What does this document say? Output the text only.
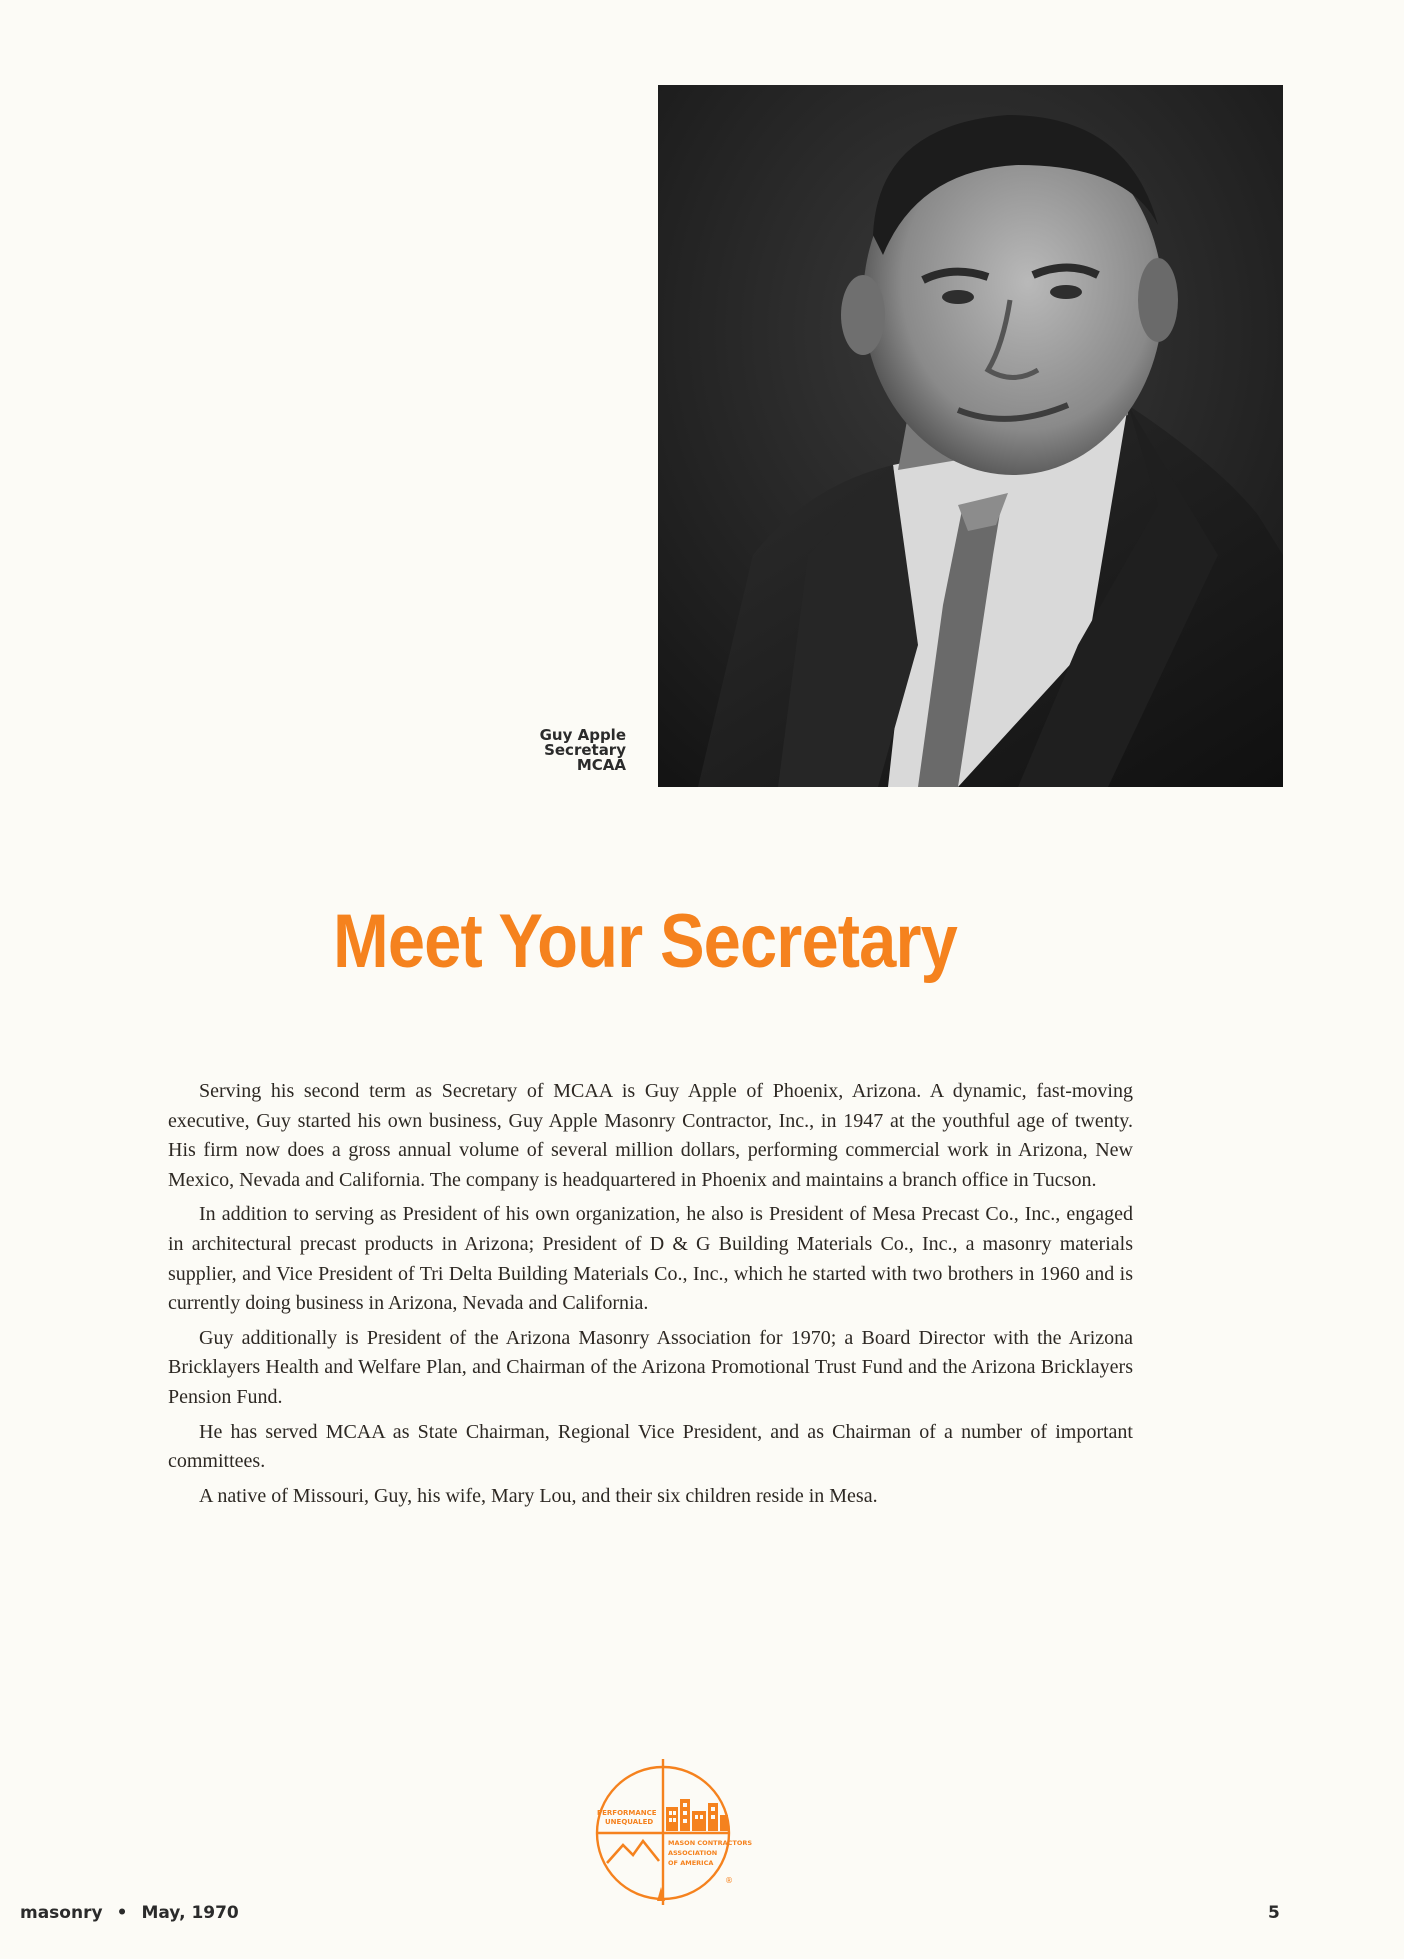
Guy Apple
Secretary
MCAA
Meet Your Secretary

Serving his second term as Secretary of MCAA is Guy Apple of Phoenix, Arizona. A dynamic, fast-moving executive, Guy started his own business, Guy Apple Masonry Contractor, Inc., in 1947 at the youthful age of twenty. His firm now does a gross annual volume of several million dollars, performing commercial work in Arizona, New Mexico, Nevada and California. The company is headquartered in Phoenix and maintains a branch office in Tucson.

In addition to serving as President of his own organization, he also is President of Mesa Precast Co., Inc., engaged in architectural precast products in Arizona; President of D & G Building Materials Co., Inc., a masonry materials supplier, and Vice President of Tri Delta Building Materials Co., Inc., which he started with two brothers in 1960 and is currently doing business in Arizona, Nevada and California.

Guy additionally is President of the Arizona Masonry Association for 1970; a Board Director with the Arizona Bricklayers Health and Welfare Plan, and Chairman of the Arizona Promotional Trust Fund and the Arizona Bricklayers Pension Fund.

He has served MCAA as State Chairman, Regional Vice President, and as Chairman of a number of important committees.

A native of Missouri, Guy, his wife, Mary Lou, and their six children reside in Mesa.

PERFORMANCE
UNEQUALED
MASON CONTRACTORS
ASSOCIATION
OF AMERICA
®
masonry • May, 1970	5
